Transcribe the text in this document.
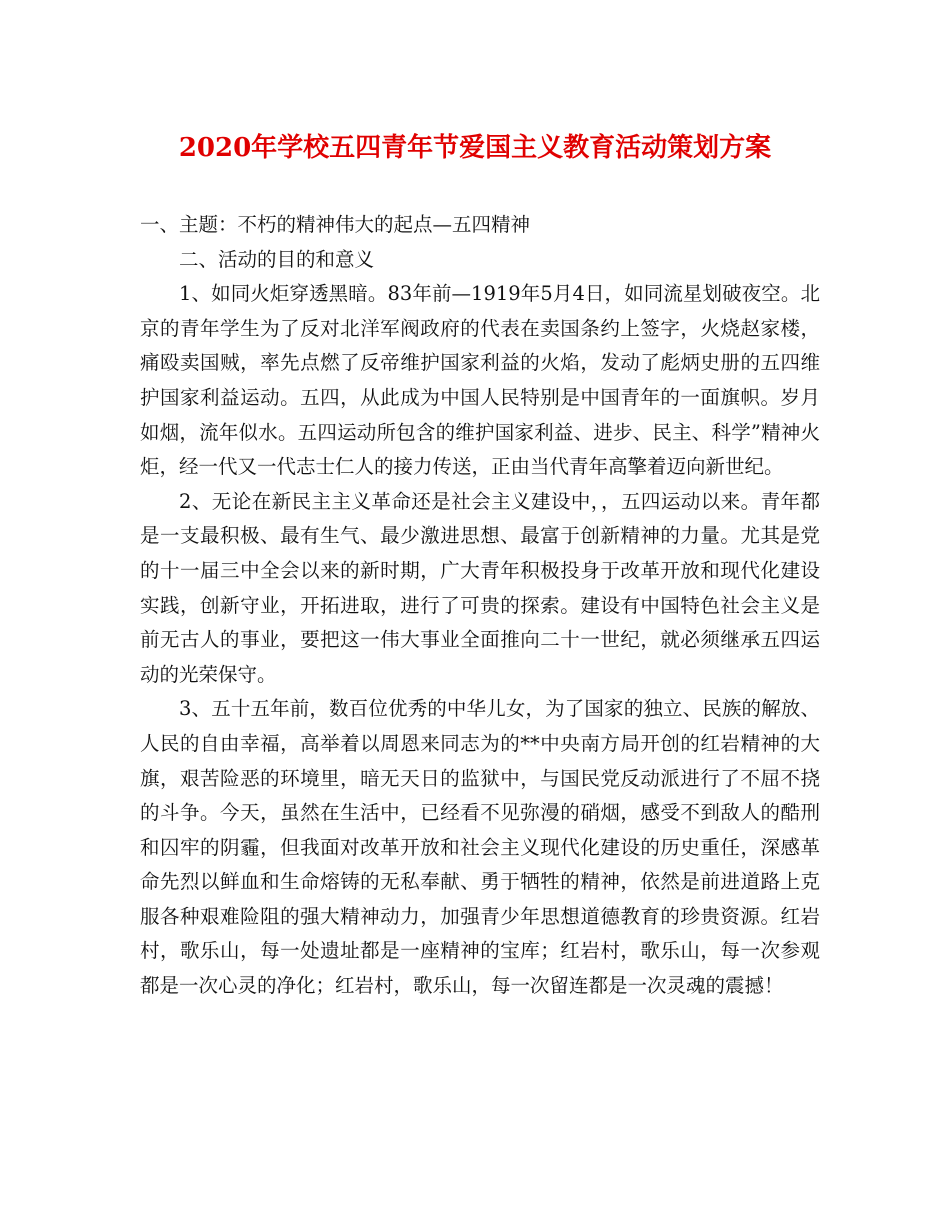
2020年学校五四青年节爱国主义教育活动策划方案

一、主题：不朽的精神伟大的起点—五四精神

二、活动的目的和意义

1、如同火炬穿透黑暗。83年前—1919年5月4日，如同流星划破夜空。北京的青年学生为了反对北洋军阀政府的代表在卖国条约上签字，火烧赵家楼，痛殴卖国贼，率先点燃了反帝维护国家利益的火焰，发动了彪炳史册的五四维护国家利益运动。五四，从此成为中国人民特别是中国青年的一面旗帜。岁月如烟，流年似水。五四运动所包含的维护国家利益、进步、民主、科学”精神火炬，经一代又一代志士仁人的接力传送，正由当代青年高擎着迈向新世纪。

2、无论在新民主主义革命还是社会主义建设中，，五四运动以来。青年都是一支最积极、最有生气、最少激进思想、最富于创新精神的力量。尤其是党的十一届三中全会以来的新时期，广大青年积极投身于改革开放和现代化建设实践，创新守业，开拓进取，进行了可贵的探索。建设有中国特色社会主义是前无古人的事业，要把这一伟大事业全面推向二十一世纪，就必须继承五四运动的光荣保守。

3、五十五年前，数百位优秀的中华儿女，为了国家的独立、民族的解放、人民的自由幸福，高举着以周恩来同志为的**中央南方局开创的红岩精神的大旗，艰苦险恶的环境里，暗无天日的监狱中，与国民党反动派进行了不屈不挠的斗争。今天，虽然在生活中，已经看不见弥漫的硝烟，感受不到敌人的酷刑和囚牢的阴霾，但我面对改革开放和社会主义现代化建设的历史重任，深感革命先烈以鲜血和生命熔铸的无私奉献、勇于牺牲的精神，依然是前进道路上克服各种艰难险阻的强大精神动力，加强青少年思想道德教育的珍贵资源。红岩村，歌乐山，每一处遗址都是一座精神的宝库；红岩村，歌乐山，每一次参观都是一次心灵的净化；红岩村，歌乐山，每一次留连都是一次灵魂的震撼！
